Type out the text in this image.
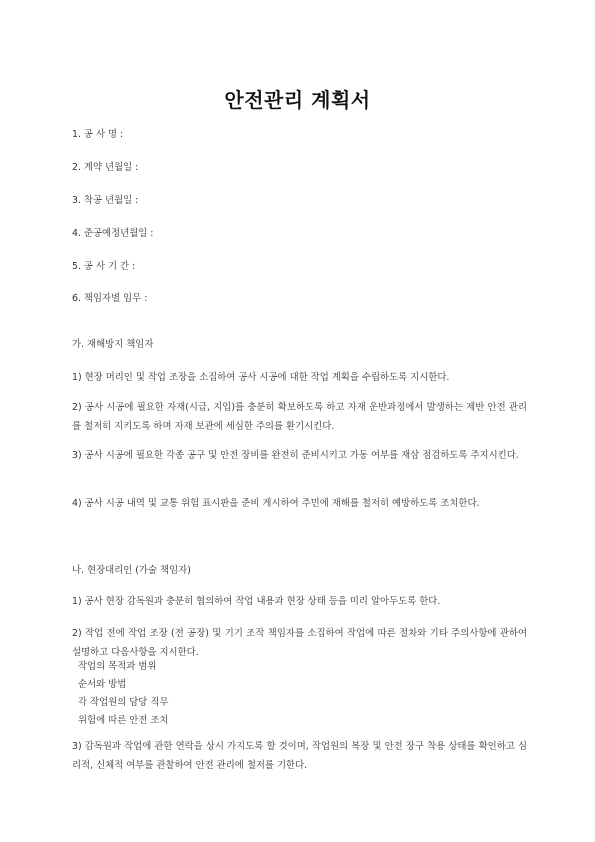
안전관리 계획서
1. 공 사 명 :
2. 계약 년월일 :
3. 착공 년월일 :
4. 준공예정년월일 :
5. 공 사 기 간 :
6. 책임자별 임무 :
가. 재해방지 책임자
1) 현장 머리인 및 작업 조장을 소집하여 공사 시공에 대한 작업 계획을 수립하도록 지시한다.
2) 공사 시공에 필요한 자재(시급, 지입)를 충분히 확보하도록 하고 자재 운반과정에서 발생하는 제반 안전 관리를 철저히 지키도록 하며 자재 보관에 세심한 주의를 환기시킨다.
3) 공사 시공에 필요한 각종 공구 및 안전 장비를 완전히 준비시키고 가동 여부를 재삼 점검하도록 주지시킨다.
4) 공사 시공 내역 및 교통 위험 표시판을 준비 게시하여 주민에 재해를 철저히 예방하도록 조치한다.
나. 현장대리인 (가술 책임자)
1) 공사 현장 감독원과 충분히 협의하여 작업 내용과 현장 상태 등을 미리 알아두도록 한다.
2) 작업 전에 작업 조장 (전 공장) 및 기기 조작 책임자를 소집하여 작업에 따른 절차와 기타 주의사항에 관하여 설명하고 다음사항을 지시한다.
작업의 목적과 범위
순서와 방법
각 작업원의 담당 직무
위험에 따른 안전 조치
3) 감독원과 작업에 관한 연락을 상시 가지도록 할 것이며, 작업원의 복장 및 안전 장구 착용 상태를 확인하고 심리적, 신체적 여부를 관찰하여 안전 관리에 철저를 기한다.
